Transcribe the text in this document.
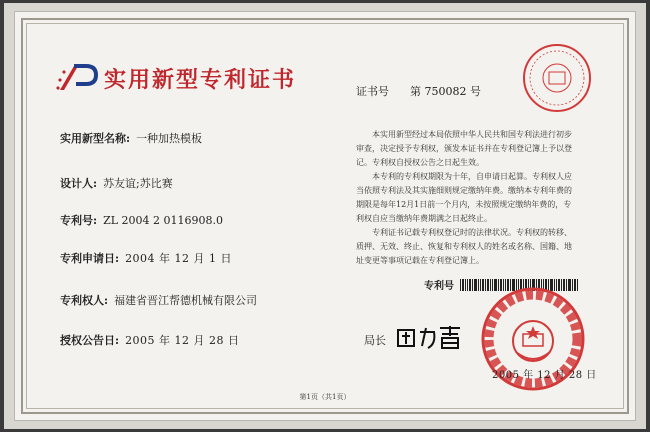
实用新型专利证书	证书号 第 750082 号
实用新型名称: 一种加热模板
设计人: 苏友谊;苏比赛
专利号: ZL 2004 2 0116908.0
专利申请日: 2004 年 12 月 1 日
专利权人: 福建省晋江帮德机械有限公司
授权公告日: 2005 年 12 月 28 日

本实用新型经过本局依照中华人民共和国专利法进行初步审查，决定授予专利权，颁发本证书并在专利登记簿上予以登记。专利权自授权公告之日起生效。

本专利的专利权期限为十年，自申请日起算。专利权人应当依照专利法及其实施细则规定缴纳年费。缴纳本专利年费的期限是每年12月1日前一个月内，未按照规定缴纳年费的，专利权自应当缴纳年费期满之日起终止。

专利证书记载专利权登记时的法律状况。专利权的转移、质押、无效、终止、恢复和专利权人的姓名或名称、国籍、地址变更等事项记载在专利登记簿上。

专利号
局长
2005 年 12 月 28 日
第1页（共1页）
